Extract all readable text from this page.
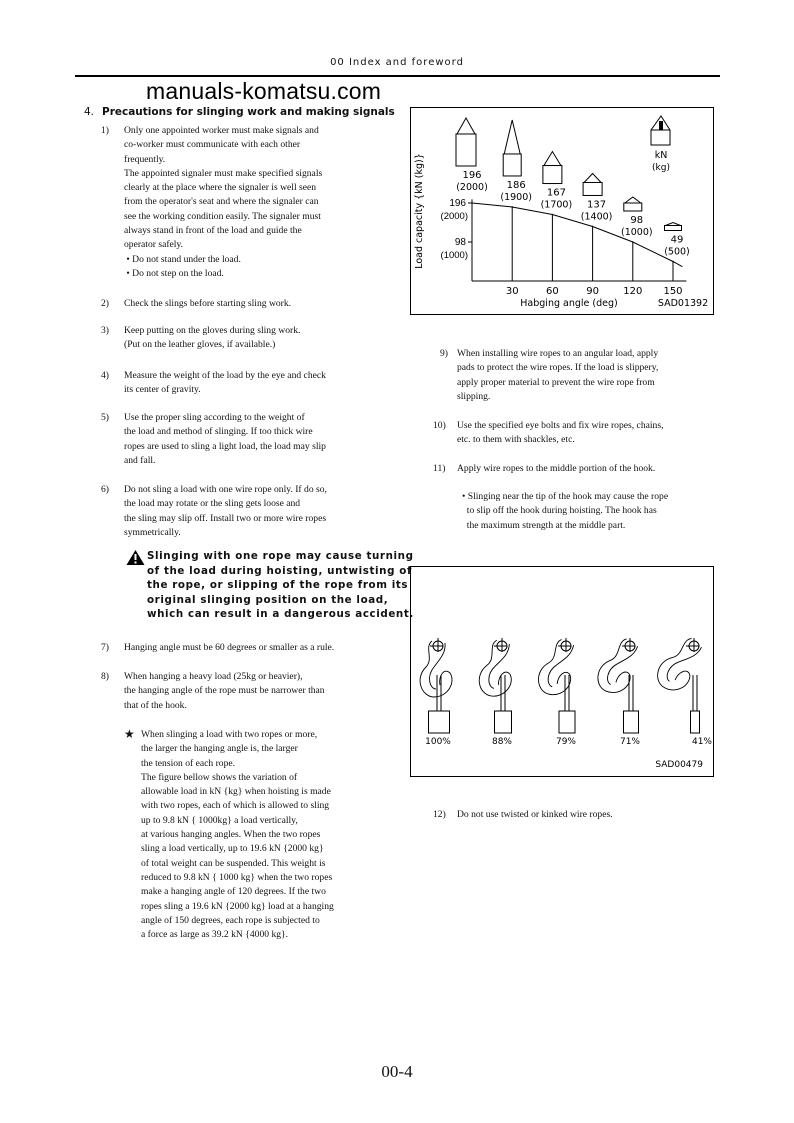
00 Index and foreword
manuals-komatsu.com
4. Precautions for slinging work and making signals
1) Only one appointed worker must make signals and
co-worker must communicate with each other
frequently.
The appointed signaler must make specified signals
clearly at the place where the signaler is well seen
from the operator's seat and where the signaler can
see the working condition easily. The signaler must
always stand in front of the load and guide the
operator safely.
• Do not stand under the load.
• Do not step on the load.
2) Check the slings before starting sling work.
3) Keep putting on the gloves during sling work.
(Put on the leather gloves, if available.)
4) Measure the weight of the load by the eye and check
its center of gravity.
5) Use the proper sling according to the weight of
the load and method of slinging. If too thick wire
ropes are used to sling a light load, the load may slip
and fall.
6) Do not sling a load with one wire rope only. If do so,
the load may rotate or the sling gets loose and
the sling may slip off. Install two or more wire ropes
symmetrically.
7) Hanging angle must be 60 degrees or smaller as a rule.
8) When hanging a heavy load (25kg or heavier),
the hanging angle of the rope must be narrower than
that of the hook.
Slinging with one rope may cause turning
of the load during hoisting, untwisting of
the rope, or slipping of the rope from its
original slinging position on the load,
which can result in a dangerous accident.
★ When slinging a load with two ropes or more,
the larger the hanging angle is, the larger
the tension of each rope.
The figure bellow shows the variation of
allowable load in kN {kg} when hoisting is made
with two ropes, each of which is allowed to sling
up to 9.8 kN { 1000kg} a load vertically,
at various hanging angles. When the two ropes
sling a load vertically, up to 19.6 kN {2000 kg}
of total weight can be suspended. This weight is
reduced to 9.8 kN { 1000 kg} when the two ropes
make a hanging angle of 120 degrees. If the two
ropes sling a 19.6 kN {2000 kg} load at a hanging
angle of 150 degrees, each rope is subjected to
a force as large as 39.2 kN {4000 kg}.
9) When installing wire ropes to an angular load, apply
pads to protect the wire ropes. If the load is slippery,
apply proper material to prevent the wire rope from
slipping.
10) Use the specified eye bolts and fix wire ropes, chains,
etc. to them with shackles, etc.
11) Apply wire ropes to the middle portion of the hook.
12) Do not use twisted or kinked wire ropes.
• Slinging near the tip of the hook may cause the rope
to slip off the hook during hoisting. The hook has
the maximum strength at the middle part.
196
(2000) 186
(1900) 167
(1700) 137
(1400) 98
(1000)
49
(500)
30	60	90 120 150
196
(2000)
98
(1000)
Load capacity {kN (kg)}
Habging angle (deg)	SAD01392
kN
(kg)
100%	88%	79%	71%	41%
SAD00479
00-4
